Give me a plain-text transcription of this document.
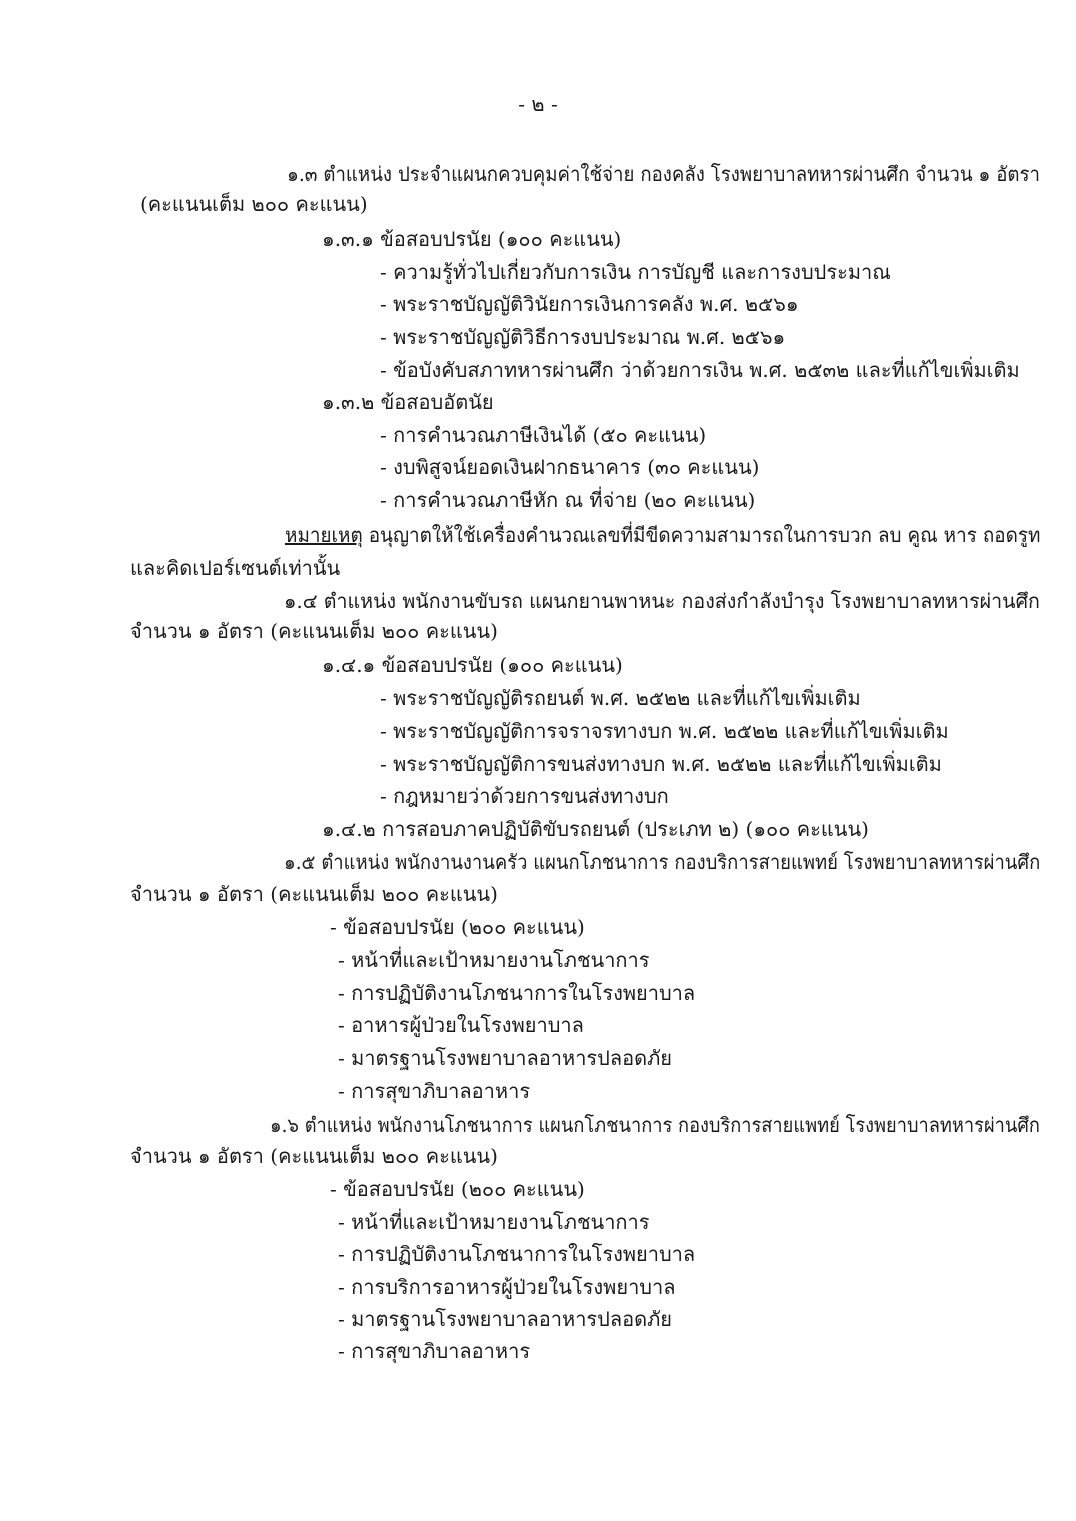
- ๒ -
๑.๓ ตำแหน่ง ประจำแผนกควบคุมค่าใช้จ่าย กองคลัง โรงพยาบาลทหารผ่านศึก จำนวน ๑ อัตรา
(คะแนนเต็ม ๒๐๐ คะแนน)
๑.๓.๑ ข้อสอบปรนัย (๑๐๐ คะแนน)
- ความรู้ทั่วไปเกี่ยวกับการเงิน การบัญชี และการงบประมาณ
- พระราชบัญญัติวินัยการเงินการคลัง พ.ศ. ๒๕๖๑
- พระราชบัญญัติวิธีการงบประมาณ พ.ศ. ๒๕๖๑
- ข้อบังคับสภาทหารผ่านศึก ว่าด้วยการเงิน พ.ศ. ๒๕๓๒ และที่แก้ไขเพิ่มเติม
๑.๓.๒ ข้อสอบอัตนัย
- การคำนวณภาษีเงินได้ (๕๐ คะแนน)
- งบพิสูจน์ยอดเงินฝากธนาคาร (๓๐ คะแนน)
- การคำนวณภาษีหัก ณ ที่จ่าย (๒๐ คะแนน)
หมายเหตุ อนุญาตให้ใช้เครื่องคำนวณเลขที่มีขีดความสามารถในการบวก ลบ คูณ หาร ถอดรูท
และคิดเปอร์เซนต์เท่านั้น
๑.๔ ตำแหน่ง พนักงานขับรถ แผนกยานพาหนะ กองส่งกำลังบำรุง โรงพยาบาลทหารผ่านศึก
จำนวน ๑ อัตรา (คะแนนเต็ม ๒๐๐ คะแนน)
๑.๔.๑ ข้อสอบปรนัย (๑๐๐ คะแนน)
- พระราชบัญญัติรถยนต์ พ.ศ. ๒๕๒๒ และที่แก้ไขเพิ่มเติม
- พระราชบัญญัติการจราจรทางบก พ.ศ. ๒๕๒๒ และที่แก้ไขเพิ่มเติม
- พระราชบัญญัติการขนส่งทางบก พ.ศ. ๒๕๒๒ และที่แก้ไขเพิ่มเติม
- กฎหมายว่าด้วยการขนส่งทางบก
๑.๔.๒ การสอบภาคปฏิบัติขับรถยนต์ (ประเภท ๒) (๑๐๐ คะแนน)
๑.๕ ตำแหน่ง พนักงานงานครัว แผนกโภชนาการ กองบริการสายแพทย์ โรงพยาบาลทหารผ่านศึก
จำนวน ๑ อัตรา (คะแนนเต็ม ๒๐๐ คะแนน)
- ข้อสอบปรนัย (๒๐๐ คะแนน)
- หน้าที่และเป้าหมายงานโภชนาการ
- การปฏิบัติงานโภชนาการในโรงพยาบาล
- อาหารผู้ป่วยในโรงพยาบาล
- มาตรฐานโรงพยาบาลอาหารปลอดภัย
- การสุขาภิบาลอาหาร
๑.๖ ตำแหน่ง พนักงานโภชนาการ แผนกโภชนาการ กองบริการสายแพทย์ โรงพยาบาลทหารผ่านศึก
จำนวน ๑ อัตรา (คะแนนเต็ม ๒๐๐ คะแนน)
- ข้อสอบปรนัย (๒๐๐ คะแนน)
- หน้าที่และเป้าหมายงานโภชนาการ
- การปฏิบัติงานโภชนาการในโรงพยาบาล
- การบริการอาหารผู้ป่วยในโรงพยาบาล
- มาตรฐานโรงพยาบาลอาหารปลอดภัย
- การสุขาภิบาลอาหาร
